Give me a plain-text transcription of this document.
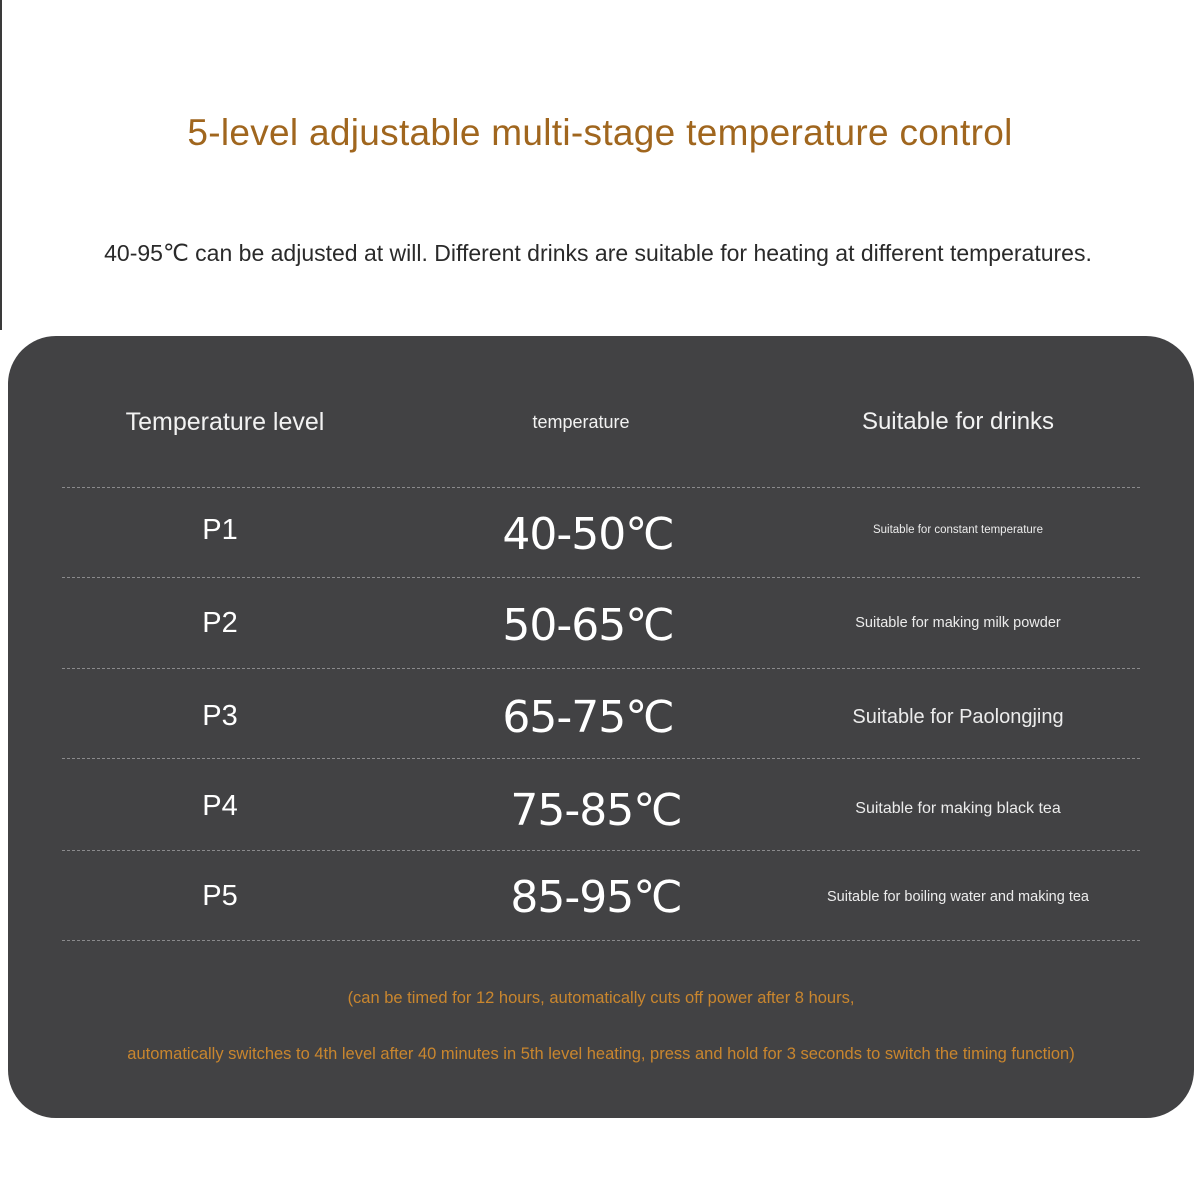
5-level adjustable multi-stage temperature control
40-95℃ can be adjusted at will. Different drinks are suitable for heating at different temperatures.
Temperature level	temperature	Suitable for drinks
P1	40-50℃	Suitable for constant temperature
P2	50-65℃	Suitable for making milk powder
P3	65-75℃	Suitable for Paolongjing
P4	75-85℃	Suitable for making black tea
P5	85-95℃	Suitable for boiling water and making tea
(can be timed for 12 hours, automatically cuts off power after 8 hours,
automatically switches to 4th level after 40 minutes in 5th level heating, press and hold for 3 seconds to switch the timing function)
